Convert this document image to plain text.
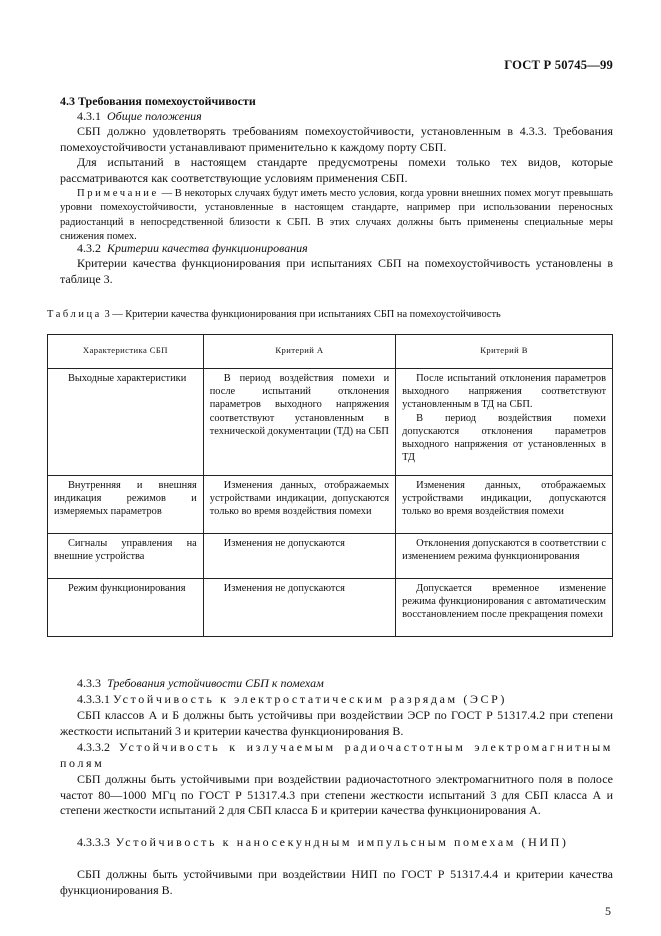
ГОСТ Р 50745—99
4.3 Требования помехоустойчивости
4.3.1 Общие положения
СБП должно удовлетворять требованиям помехоустойчивости, установленным в 4.3.3. Требования помехоустойчивости устанавливают применительно к каждому порту СБП.
Для испытаний в настоящем стандарте предусмотрены помехи только тех видов, которые рассматриваются как соответствующие условиям применения СБП.
Примечание — В некоторых случаях будут иметь место условия, когда уровни внешних помех могут превышать уровни помехоустойчивости, установленные в настоящем стандарте, например при использовании переносных радиостанций в непосредственной близости к СБП. В этих случаях должны быть применены специальные меры снижения помех.
4.3.2 Критерии качества функционирования
Критерии качества функционирования при испытаниях СБП на помехоустойчивость установлены в таблице 3.
Таблица 3 — Критерии качества функционирования при испытаниях СБП на помехоустойчивость
Характеристика СБП	Критерий А	Критерий В
Выходные характеристики	В период воздействия помехи и после испытаний отклонения параметров выходного напряжения соответствуют установленным в технической документации (ТД) на СБП	После испытаний отклонения параметров выходного напряжения соответствуют установленным в ТД на СБП.
В период воздействия помехи допускаются отклонения параметров выходного напряжения от установленных в ТД

Внутренняя и внешняя индикация режимов и измеряемых параметров	Изменения данных, отображаемых устройствами индикации, допускаются только во время воздействия помехи	Изменения данных, отображаемых устройствами индикации, допускаются только во время воздействия помехи
Сигналы управления на внешние устройства	Изменения не допускаются	Отклонения допускаются в соответствии с изменением режима функционирования
Режим функционирования	Изменения не допускаются	Допускается временное изменение режима функционирования с автоматическим восстановлением после прекращения помехи
4.3.3 Требования устойчивости СБП к помехам
4.3.3.1 Устойчивость к электростатическим разрядам (ЭСР)
СБП классов А и Б должны быть устойчивы при воздействии ЭСР по ГОСТ Р 51317.4.2 при степени жесткости испытаний 3 и критерии качества функционирования В.
4.3.3.2 Устойчивость к излучаемым радиочастотным электромагнитным полям
СБП должны быть устойчивыми при воздействии радиочастотного электромагнитного поля в полосе частот 80—1000 МГц по ГОСТ Р 51317.4.3 при степени жесткости испытаний 3 для СБП класса А и степени жесткости испытаний 2 для СБП класса Б и критерии качества функционирования А.
4.3.3.3 Устойчивость к наносекундным импульсным помехам (НИП)
СБП должны быть устойчивыми при воздействии НИП по ГОСТ Р 51317.4.4 и критерии качества функционирования В.
5
